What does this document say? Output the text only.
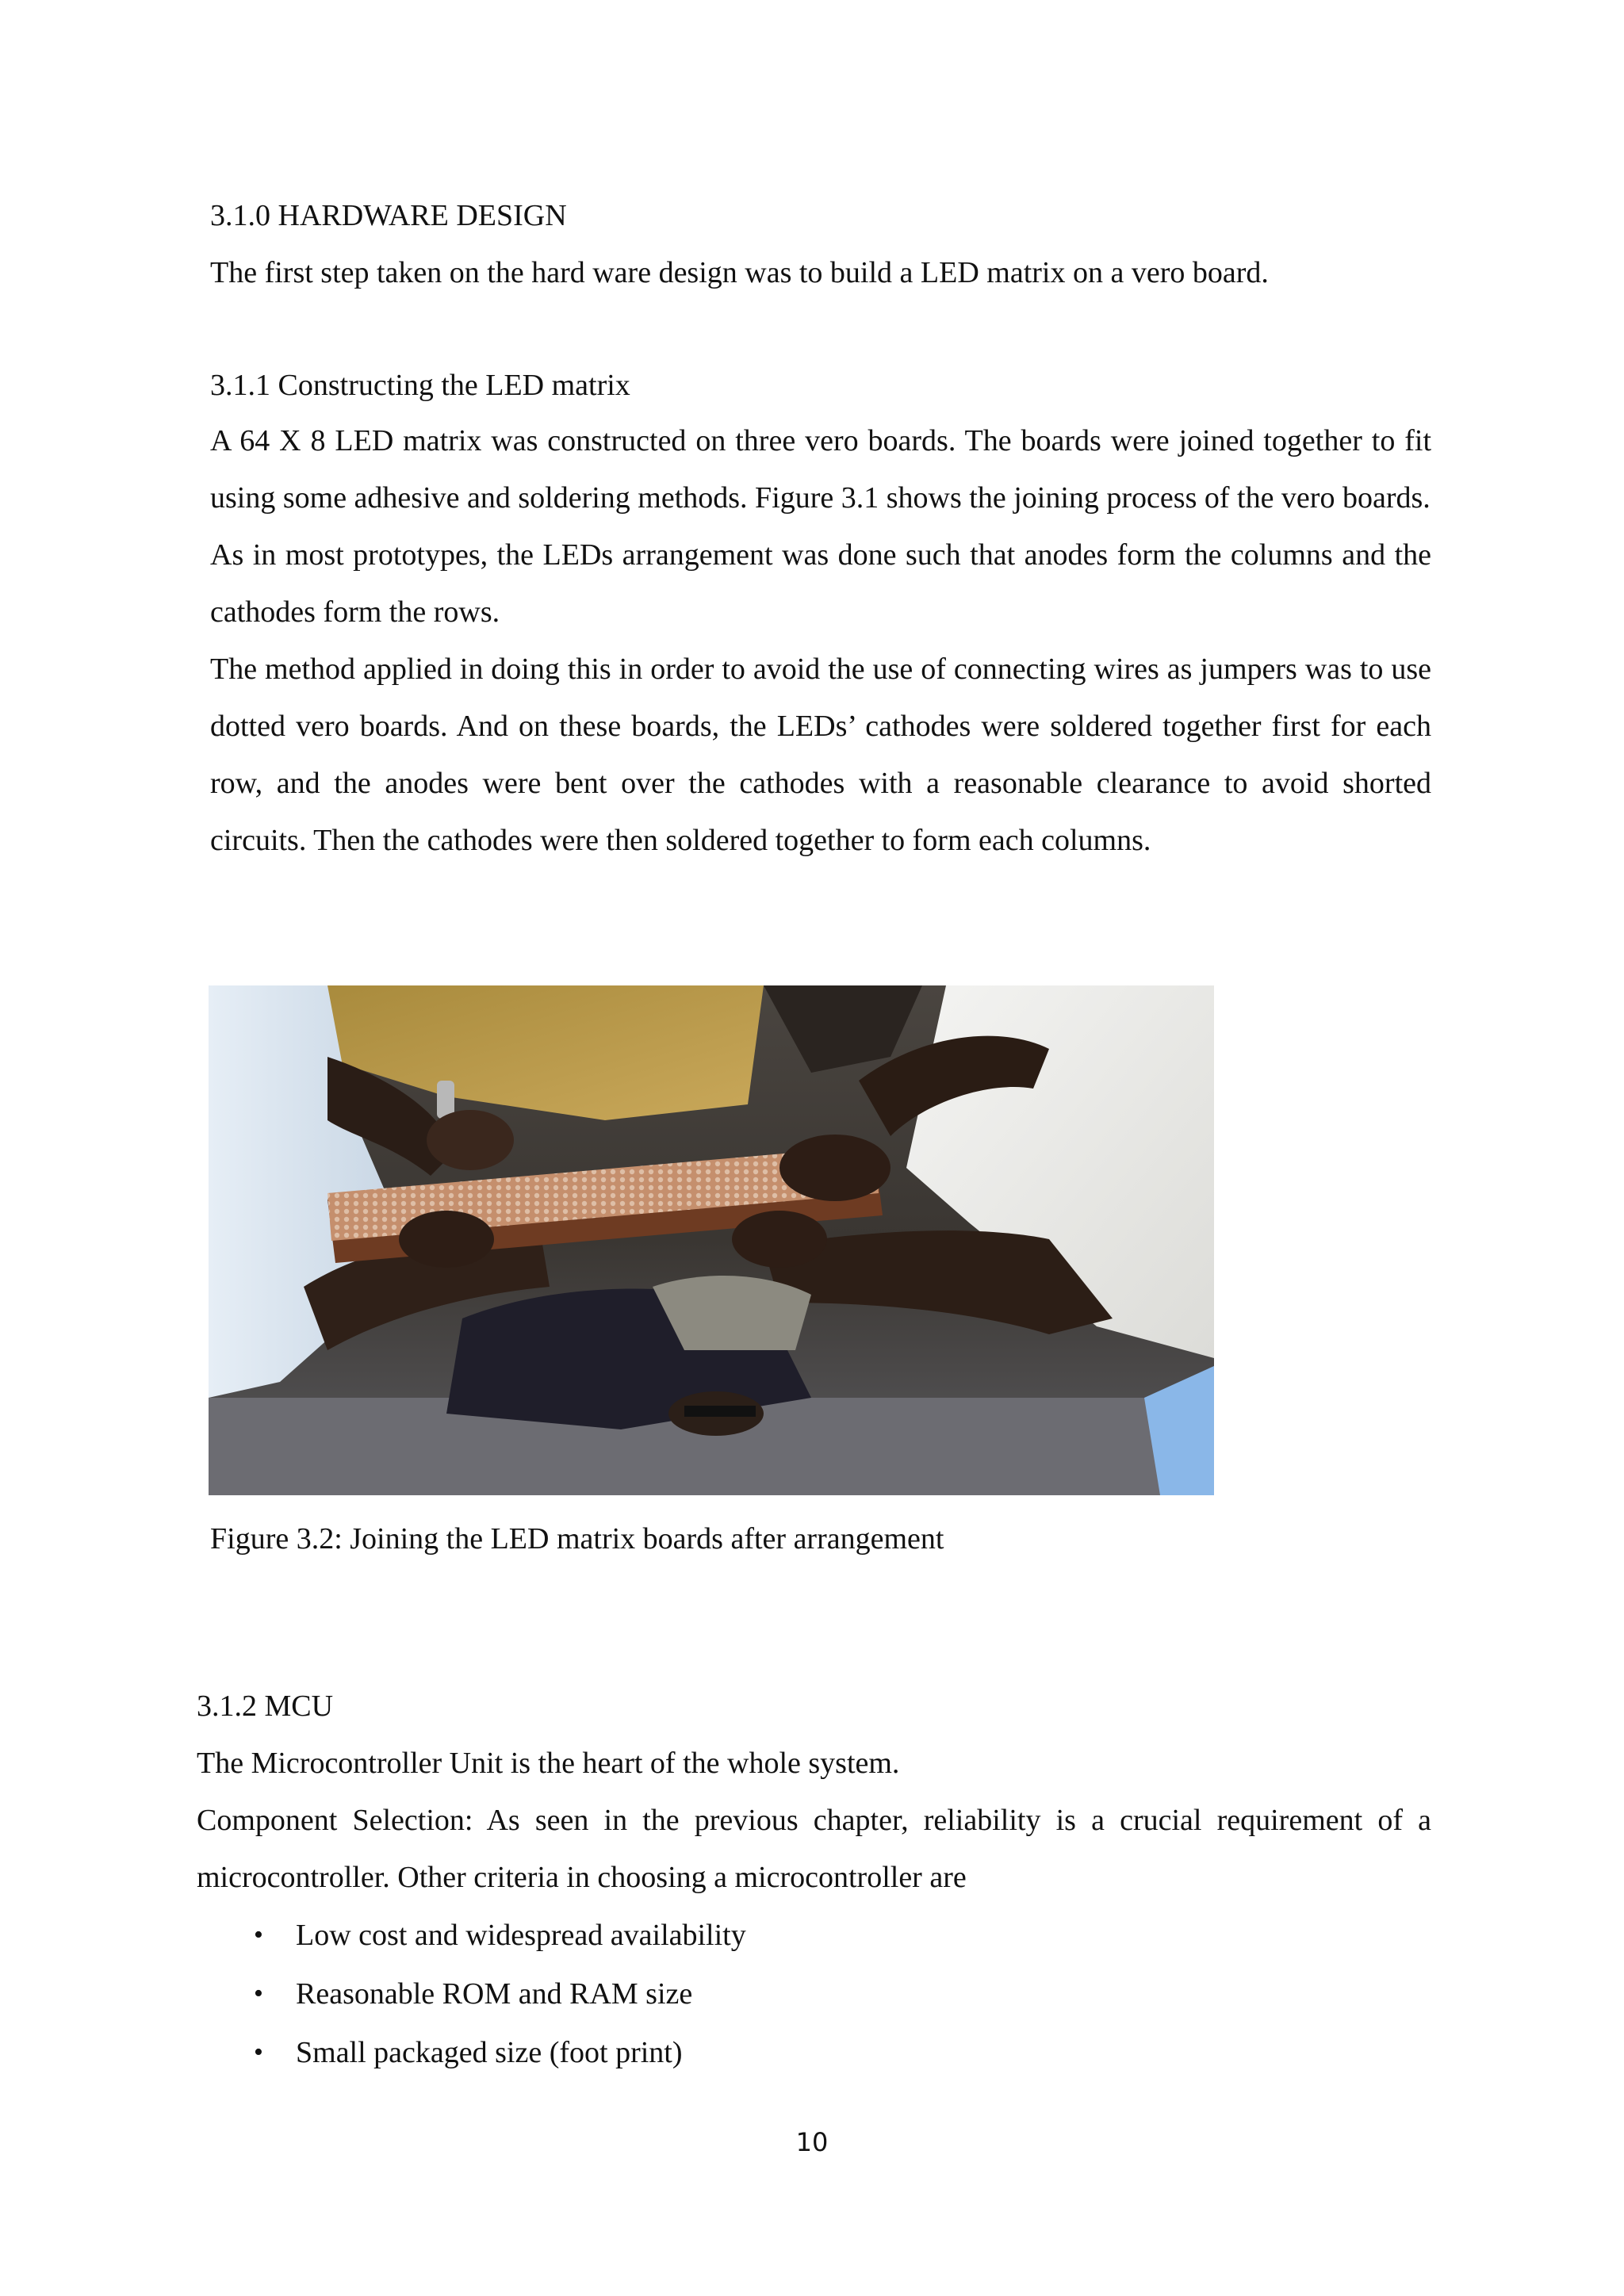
3.1.0 HARDWARE DESIGN
The first step taken on the hard ware design was to build a LED matrix on a vero board.
3.1.1 Constructing the LED matrix

A 64 X 8 LED matrix was constructed on three vero boards. The boards were joined together to fit using some adhesive and soldering methods. Figure 3.1 shows the joining process of the vero boards.

As in most prototypes, the LEDs arrangement was done such that anodes form the columns and the cathodes form the rows.

The method applied in doing this in order to avoid the use of connecting wires as jumpers was to use dotted vero boards. And on these boards, the LEDs’ cathodes were soldered together first for each row, and the anodes were bent over the cathodes with a reasonable clearance to avoid shorted circuits. Then the cathodes were then soldered together to form each columns.

Figure 3.2: Joining the LED matrix boards after arrangement
3.1.2 MCU
The Microcontroller Unit is the heart of the whole system.

Component Selection: As seen in the previous chapter, reliability is a crucial requirement of a microcontroller. Other criteria in choosing a microcontroller are

• Low cost and widespread availability
• Reasonable ROM and RAM size
• Small packaged size (foot print)
10
